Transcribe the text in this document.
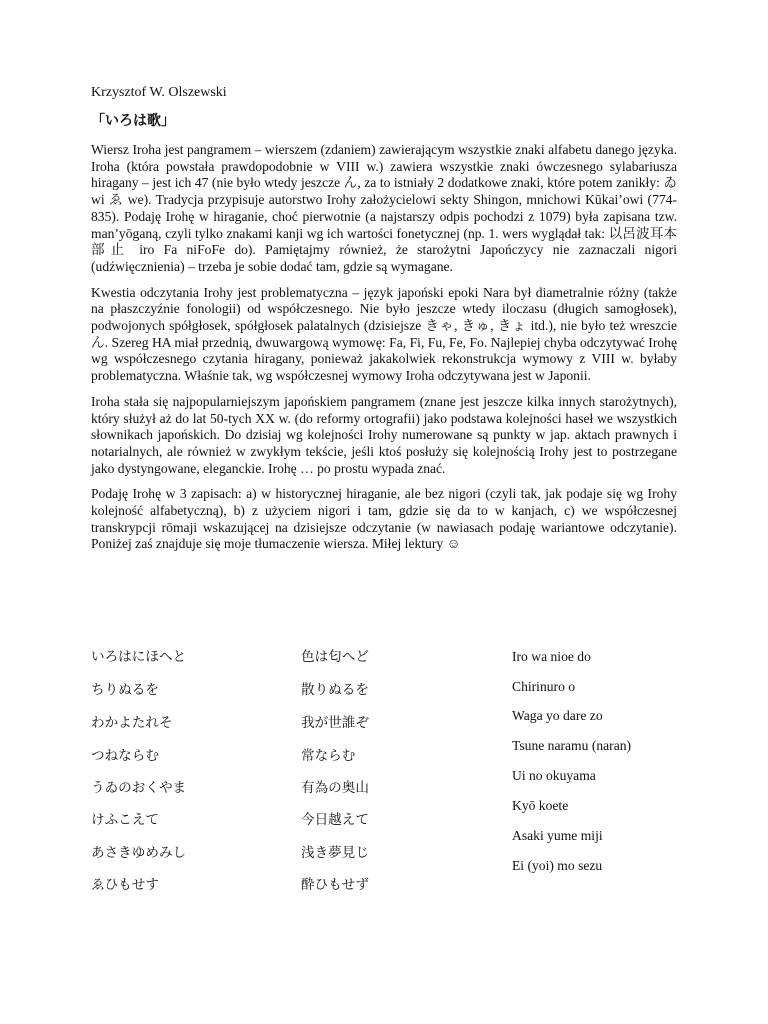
Krzysztof W. Olszewski
「いろは歌」

Wiersz Iroha jest pangramem – wierszem (zdaniem) zawierającym wszystkie znaki alfabetu danego języka. Iroha (która powstała prawdopodobnie w VIII w.) zawiera wszystkie znaki ówczesnego sylabariusza hiragany – jest ich 47 (nie było wtedy jeszcze ん, za to istniały 2 dodatkowe znaki, które potem zanikły: ゐ wi ゑ we). Tradycja przypisuje autorstwo Irohy założycielowi sekty Shingon, mnichowi Kūkai’owi (774-835). Podaję Irohę w hiraganie, choć pierwotnie (a najstarszy odpis pochodzi z 1079) była zapisana tzw. man’yōganą, czyli tylko znakami kanji wg ich wartości fonetycznej (np. 1. wers wyglądał tak: 以呂波耳本部止 iro Fa niFoFe do). Pamiętajmy również, że starożytni Japończycy nie zaznaczali nigori (udźwięcznienia) – trzeba je sobie dodać tam, gdzie są wymagane.

Kwestia odczytania Irohy jest problematyczna – język japoński epoki Nara był diametralnie różny (także na płaszczyźnie fonologii) od współczesnego. Nie było jeszcze wtedy iloczasu (długich samogłosek), podwojonych spółgłosek, spółgłosek palatalnych (dzisiejsze きゃ, きゅ, きょ itd.), nie było też wreszcie ん. Szereg HA miał przednią, dwuwargową wymowę: Fa, Fi, Fu, Fe, Fo. Najlepiej chyba odczytywać Irohę wg współczesnego czytania hiragany, ponieważ jakakolwiek rekonstrukcja wymowy z VIII w. byłaby problematyczna. Właśnie tak, wg współczesnej wymowy Iroha odczytywana jest w Japonii.

Iroha stała się najpopularniejszym japońskiem pangramem (znane jest jeszcze kilka innych starożytnych), który służył aż do lat 50-tych XX w. (do reformy ortografii) jako podstawa kolejności haseł we wszystkich słownikach japońskich. Do dzisiaj wg kolejności Irohy numerowane są punkty w jap. aktach prawnych i notarialnych, ale również w zwykłym tekście, jeśli ktoś posłuży się kolejnością Irohy jest to postrzegane jako dystyngowane, eleganckie. Irohę … po prostu wypada znać.

Podaję Irohę w 3 zapisach: a) w historycznej hiraganie, ale bez nigori (czyli tak, jak podaje się wg Irohy kolejność alfabetyczną), b) z użyciem nigori i tam, gdzie się da to w kanjach, c) we współczesnej transkrypcji rōmaji wskazującej na dzisiejsze odczytanie (w nawiasach podaję wariantowe odczytanie). Poniżej zaś znajduje się moje tłumaczenie wiersza. Miłej lektury ☺

いろはにほへと
ちりぬるを
わかよたれそ
つねならむ
うゐのおくやま
けふこえて
あさきゆめみし
ゑひもせす
色は匂へど
散りぬるを
我が世誰ぞ
常ならむ
有為の奥山
今日越えて
浅き夢見じ
酔ひもせず
Iro wa nioe do
Chirinuro o
Waga yo dare zo
Tsune naramu (naran)
Ui no okuyama
Kyō koete
Asaki yume miji
Ei (yoi) mo sezu
